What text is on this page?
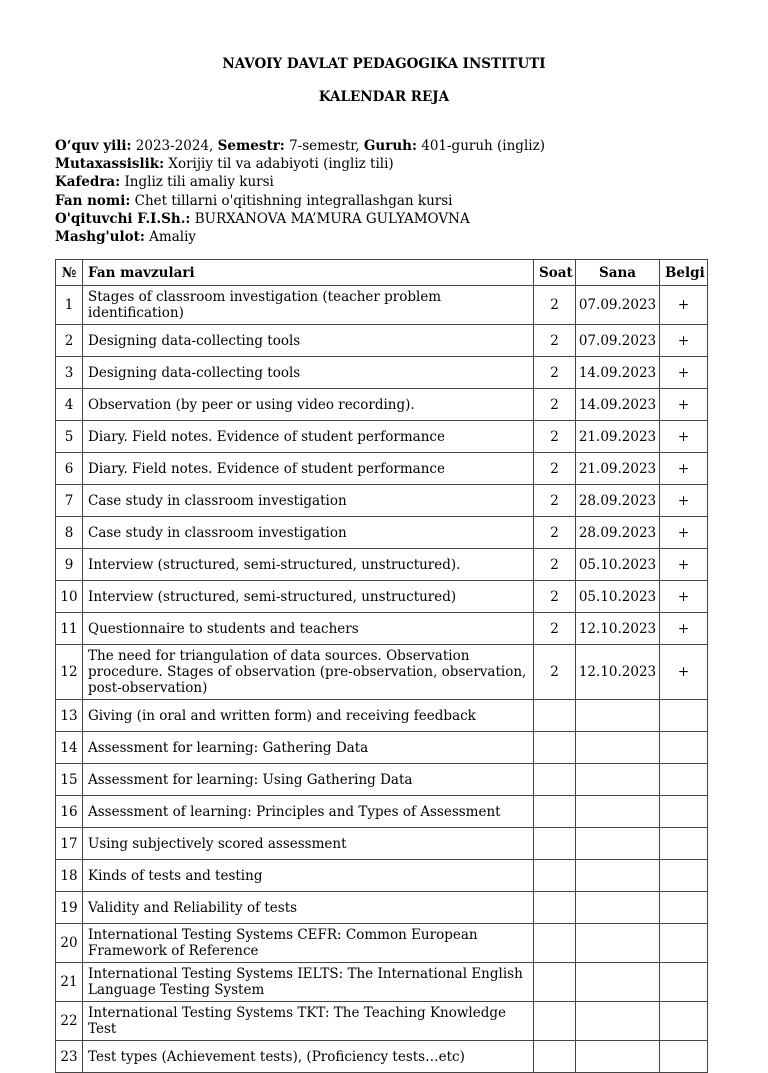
NAVOIY DAVLAT PEDAGOGIKA INSTITUTI
KALENDAR REJA
O‘quv yili: 2023-2024, Semestr: 7-semestr, Guruh: 401-guruh (ingliz)
Mutaxassislik: Xorijiy til va adabiyoti (ingliz tili)
Kafedra: Ingliz tili amaliy kursi
Fan nomi: Chet tillarni o'qitishning integrallashgan kursi
O'qituvchi F.I.Sh.: BURXANOVA MA’MURA GULYAMOVNA
Mashg'ulot: Amaliy
№	Fan mavzulari	Soat	Sana	Belgi
1	Stages of classroom investigation (teacher problem identification)	2	07.09.2023	+
2	Designing data-collecting tools	2	07.09.2023	+
3	Designing data-collecting tools	2	14.09.2023	+
4	Observation (by peer or using video recording).	2	14.09.2023	+
5	Diary. Field notes. Evidence of student performance	2	21.09.2023	+
6	Diary. Field notes. Evidence of student performance	2	21.09.2023	+
7	Case study in classroom investigation	2	28.09.2023	+
8	Case study in classroom investigation	2	28.09.2023	+
9	Interview (structured, semi-structured, unstructured).	2	05.10.2023	+
10	Interview (structured, semi-structured, unstructured)	2	05.10.2023	+
11	Questionnaire to students and teachers	2	12.10.2023	+
12	The need for triangulation of data sources. Observation procedure. Stages of observation (pre-observation, observation, post-observation)	2	12.10.2023	+
13	Giving (in oral and written form) and receiving feedback			
14	Assessment for learning: Gathering Data			
15	Assessment for learning: Using Gathering Data			
16	Assessment of learning: Principles and Types of Assessment			
17	Using subjectively scored assessment			
18	Kinds of tests and testing			
19	Validity and Reliability of tests			
20	International Testing Systems CEFR: Common European Framework of Reference			
21	International Testing Systems IELTS: The International English Language Testing System			
22	International Testing Systems TKT: The Teaching Knowledge Test			
23	Test types (Achievement tests), (Proficiency tests…etc)			
